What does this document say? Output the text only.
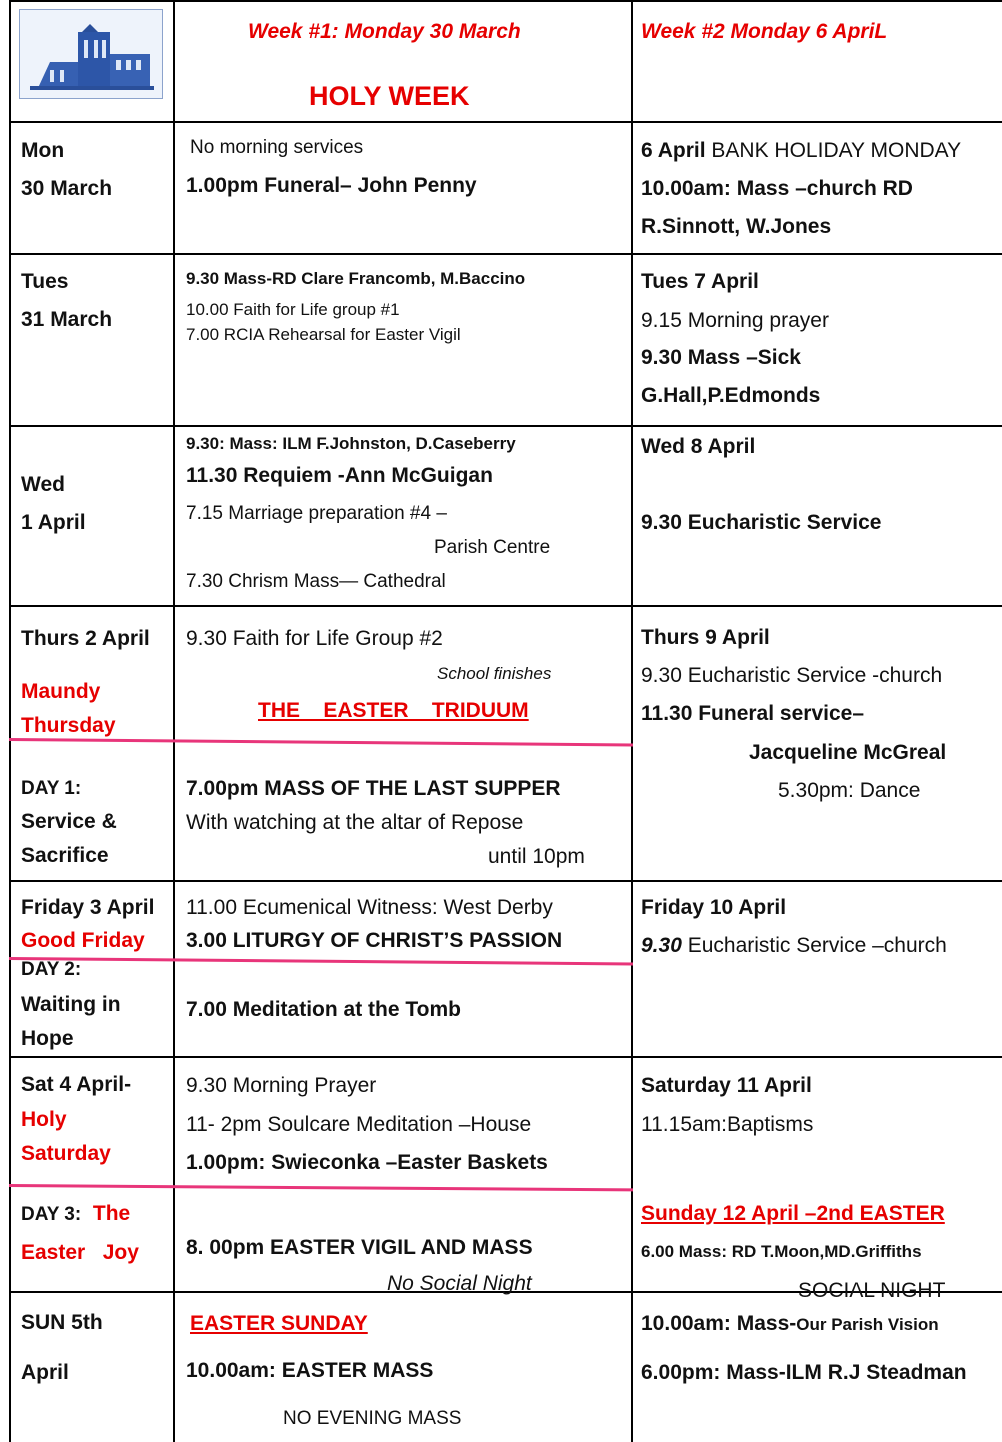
Week #1: Monday 30 March
HOLY WEEK
Week #2 Monday 6 ApriL
Mon
30 March
No morning services
1.00pm Funeral– John Penny
6 April BANK HOLIDAY MONDAY
10.00am: Mass –church RD
R.Sinnott, W.Jones
Tues
31 March
9.30 Mass-RD Clare Francomb, M.Baccino
10.00 Faith for Life group #1
7.00 RCIA Rehearsal for Easter Vigil
Tues 7 April
9.15 Morning prayer
9.30 Mass –Sick
G.Hall,P.Edmonds
Wed
1 April
9.30: Mass: ILM F.Johnston, D.Caseberry
11.30 Requiem -Ann McGuigan
7.15 Marriage preparation #4 –
Parish Centre
7.30 Chrism Mass— Cathedral
Wed 8 April
9.30 Eucharistic Service
Thurs 2 April
Maundy
Thursday
DAY 1:
Service &
Sacrifice
9.30 Faith for Life Group #2
School finishes
THE    EASTER    TRIDUUM
7.00pm MASS OF THE LAST SUPPER
With watching at the altar of Repose
until 10pm
Thurs 9 April
9.30 Eucharistic Service -church
11.30 Funeral service–
Jacqueline McGreal
5.30pm: Dance
Friday 3 April
Good Friday
DAY 2:
Waiting in
Hope
11.00 Ecumenical Witness: West Derby
3.00 LITURGY OF CHRIST’S PASSION
7.00 Meditation at the Tomb
Friday 10 April
9.30 Eucharistic Service –church
Sat 4 April-
Holy
Saturday
9.30 Morning Prayer
11- 2pm Soulcare Meditation –House
1.00pm: Swieconka –Easter Baskets
Saturday 11 April
11.15am:Baptisms
DAY 3:  The
Easter   Joy 8. 00pm EASTER VIGIL AND MASS
No Social Night
Sunday 12 April –2nd EASTER
6.00 Mass: RD T.Moon,MD.Griffiths
SOCIAL NIGHT
SUN 5th
April
EASTER SUNDAY
10.00am: EASTER MASS
NO EVENING MASS
10.00am: Mass-Our Parish Vision
6.00pm: Mass-ILM R.J Steadman
